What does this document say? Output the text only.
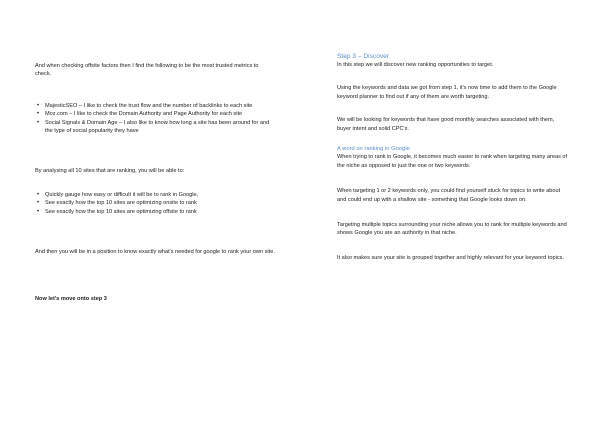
And when checking offsite factors then I find the following to be the most trusted metrics to check.

• MajesticSEO – I like to check the trust flow and the number of backlinks to each site
• Moz.com – I like to check the Domain Authority and Page Authority for each site
• Social Signals & Domain Age – I also like to know how long a site has been around for and the type of social popularity they have

By analysing all 10 sites that are ranking, you will be able to:

• Quickly gauge how easy or difficult it will be to rank in Google,
• See exactly how the top 10 sites are optimizing onsite to rank
• See exactly how the top 10 sites are optimizing offsite to rank

And then you will be in a position to know exactly what's needed for google to rank your own site.

Now let's move onto step 3

Step 3 – Discover

In this step we will discover new ranking opportunities to target.

Using the keywords and data we got from step 1, it's now time to add them to the Google keyword planner to find out if any of them are worth targeting.

We will be looking for keywords that have good monthly searches associated with them, buyer intent and solid CPC's.

A word on ranking in Google

When trying to rank in Google, it becomes much easier to rank when targeting many areas of the niche as opposed to just the one or two keywords.

When targeting 1 or 2 keywords only, you could find yourself stuck for topics to write about and could end up with a shallow site - something that Google looks down on.

Targeting multiple topics surrounding your niche allows you to rank for multiple keywords and shows Google you are an authority in that niche.

It also makes sure your site is grouped together and highly relevant for your keyword topics.
